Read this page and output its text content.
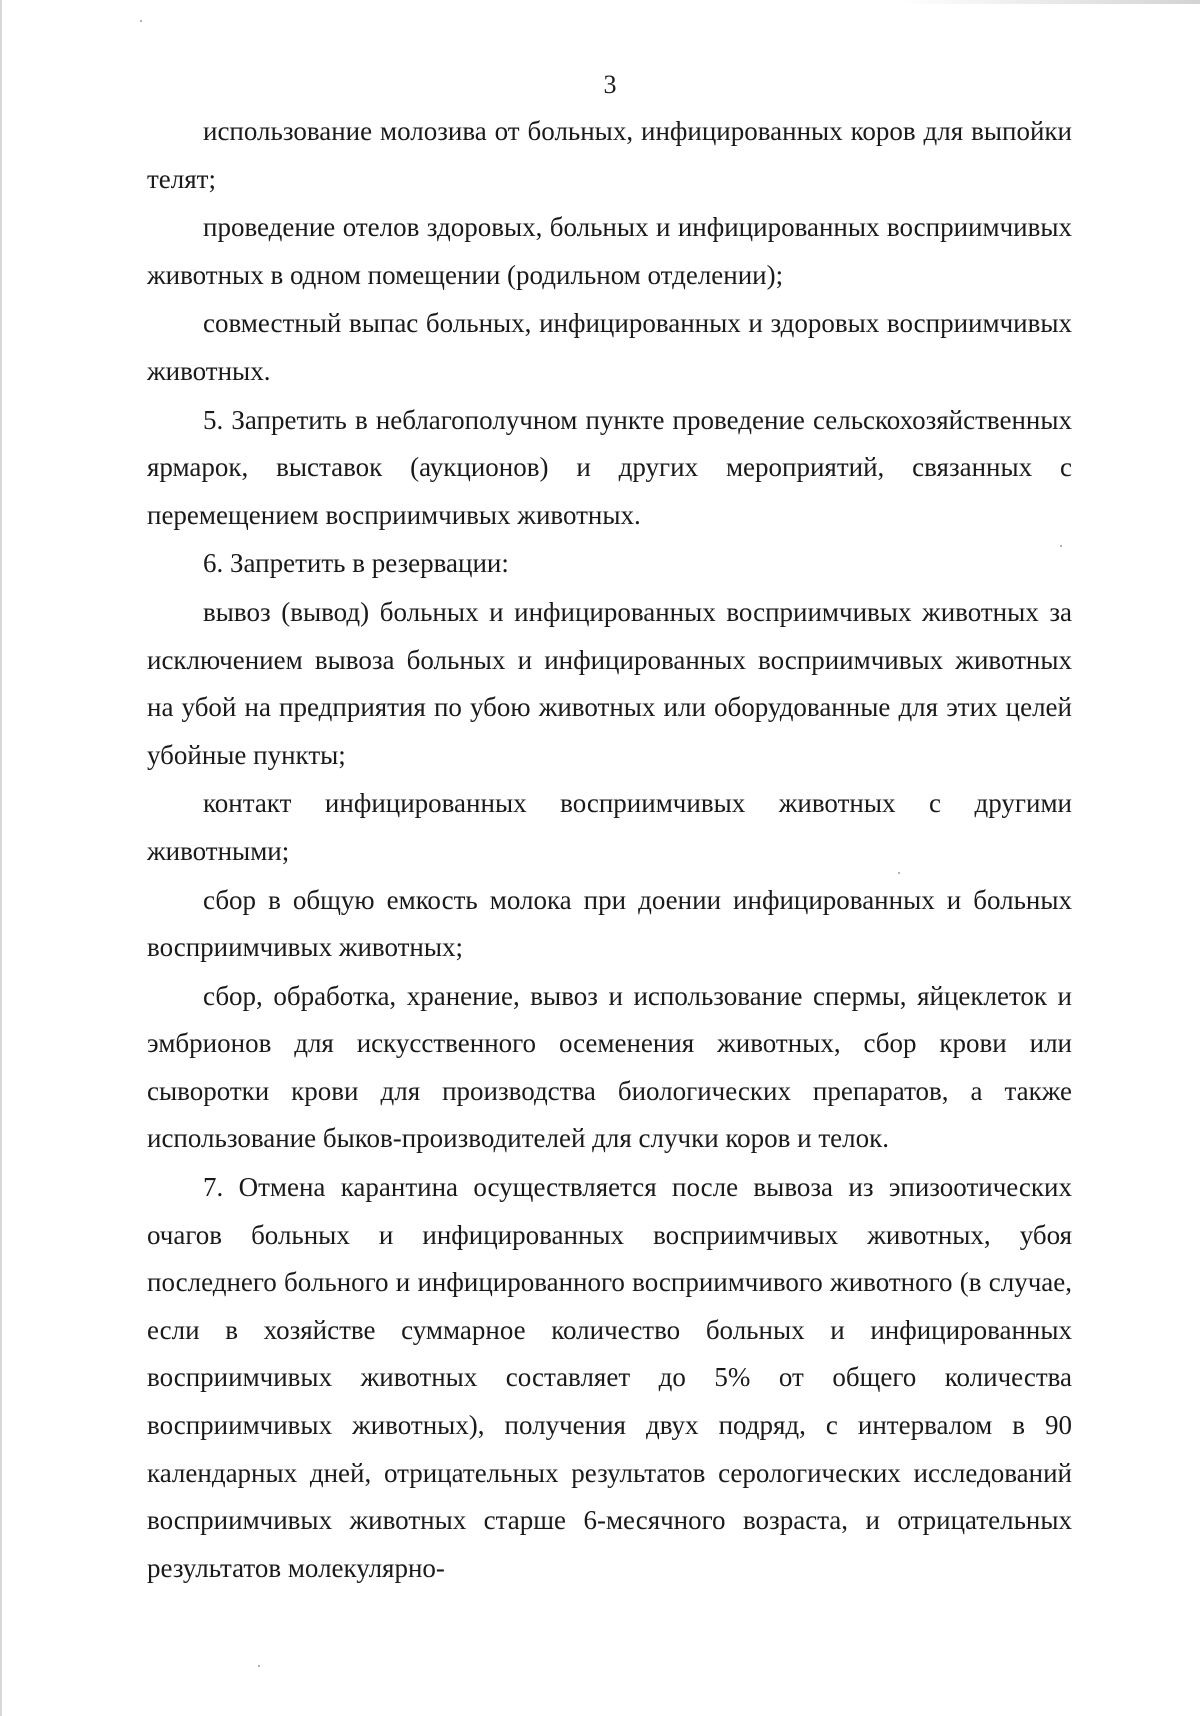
3

использование молозива от больных, инфицированных коров для выпойки телят;

проведение отелов здоровых, больных и инфицированных восприимчивых животных в одном помещении (родильном отделении);

совместный выпас больных, инфицированных и здоровых восприимчивых животных.

5. Запретить в неблагополучном пункте проведение сельскохозяйственных ярмарок, выставок (аукционов) и других мероприятий, связанных с перемещением восприимчивых животных.

6. Запретить в резервации:

вывоз (вывод) больных и инфицированных восприимчивых животных за исключением вывоза больных и инфицированных восприимчивых животных на убой на предприятия по убою животных или оборудованные для этих целей убойные пункты;

контакт инфицированных восприимчивых животных с другими животными;

сбор в общую емкость молока при доении инфицированных и больных восприимчивых животных;

сбор, обработка, хранение, вывоз и использование спермы, яйцеклеток и эмбрионов для искусственного осеменения животных, сбор крови или сыворотки крови для производства биологических препаратов, а также использование быков-производителей для случки коров и телок.

7. Отмена карантина осуществляется после вывоза из эпизоотических очагов больных и инфицированных восприимчивых животных, убоя последнего больного и инфицированного восприимчивого животного (в случае, если в хозяйстве суммарное количество больных и инфицированных восприимчивых животных составляет до 5% от общего количества восприимчивых животных), получения двух подряд, с интервалом в 90 календарных дней, отрицательных результатов серологических исследований восприимчивых животных старше 6-месячного возраста, и отрицательных результатов молекулярно-
